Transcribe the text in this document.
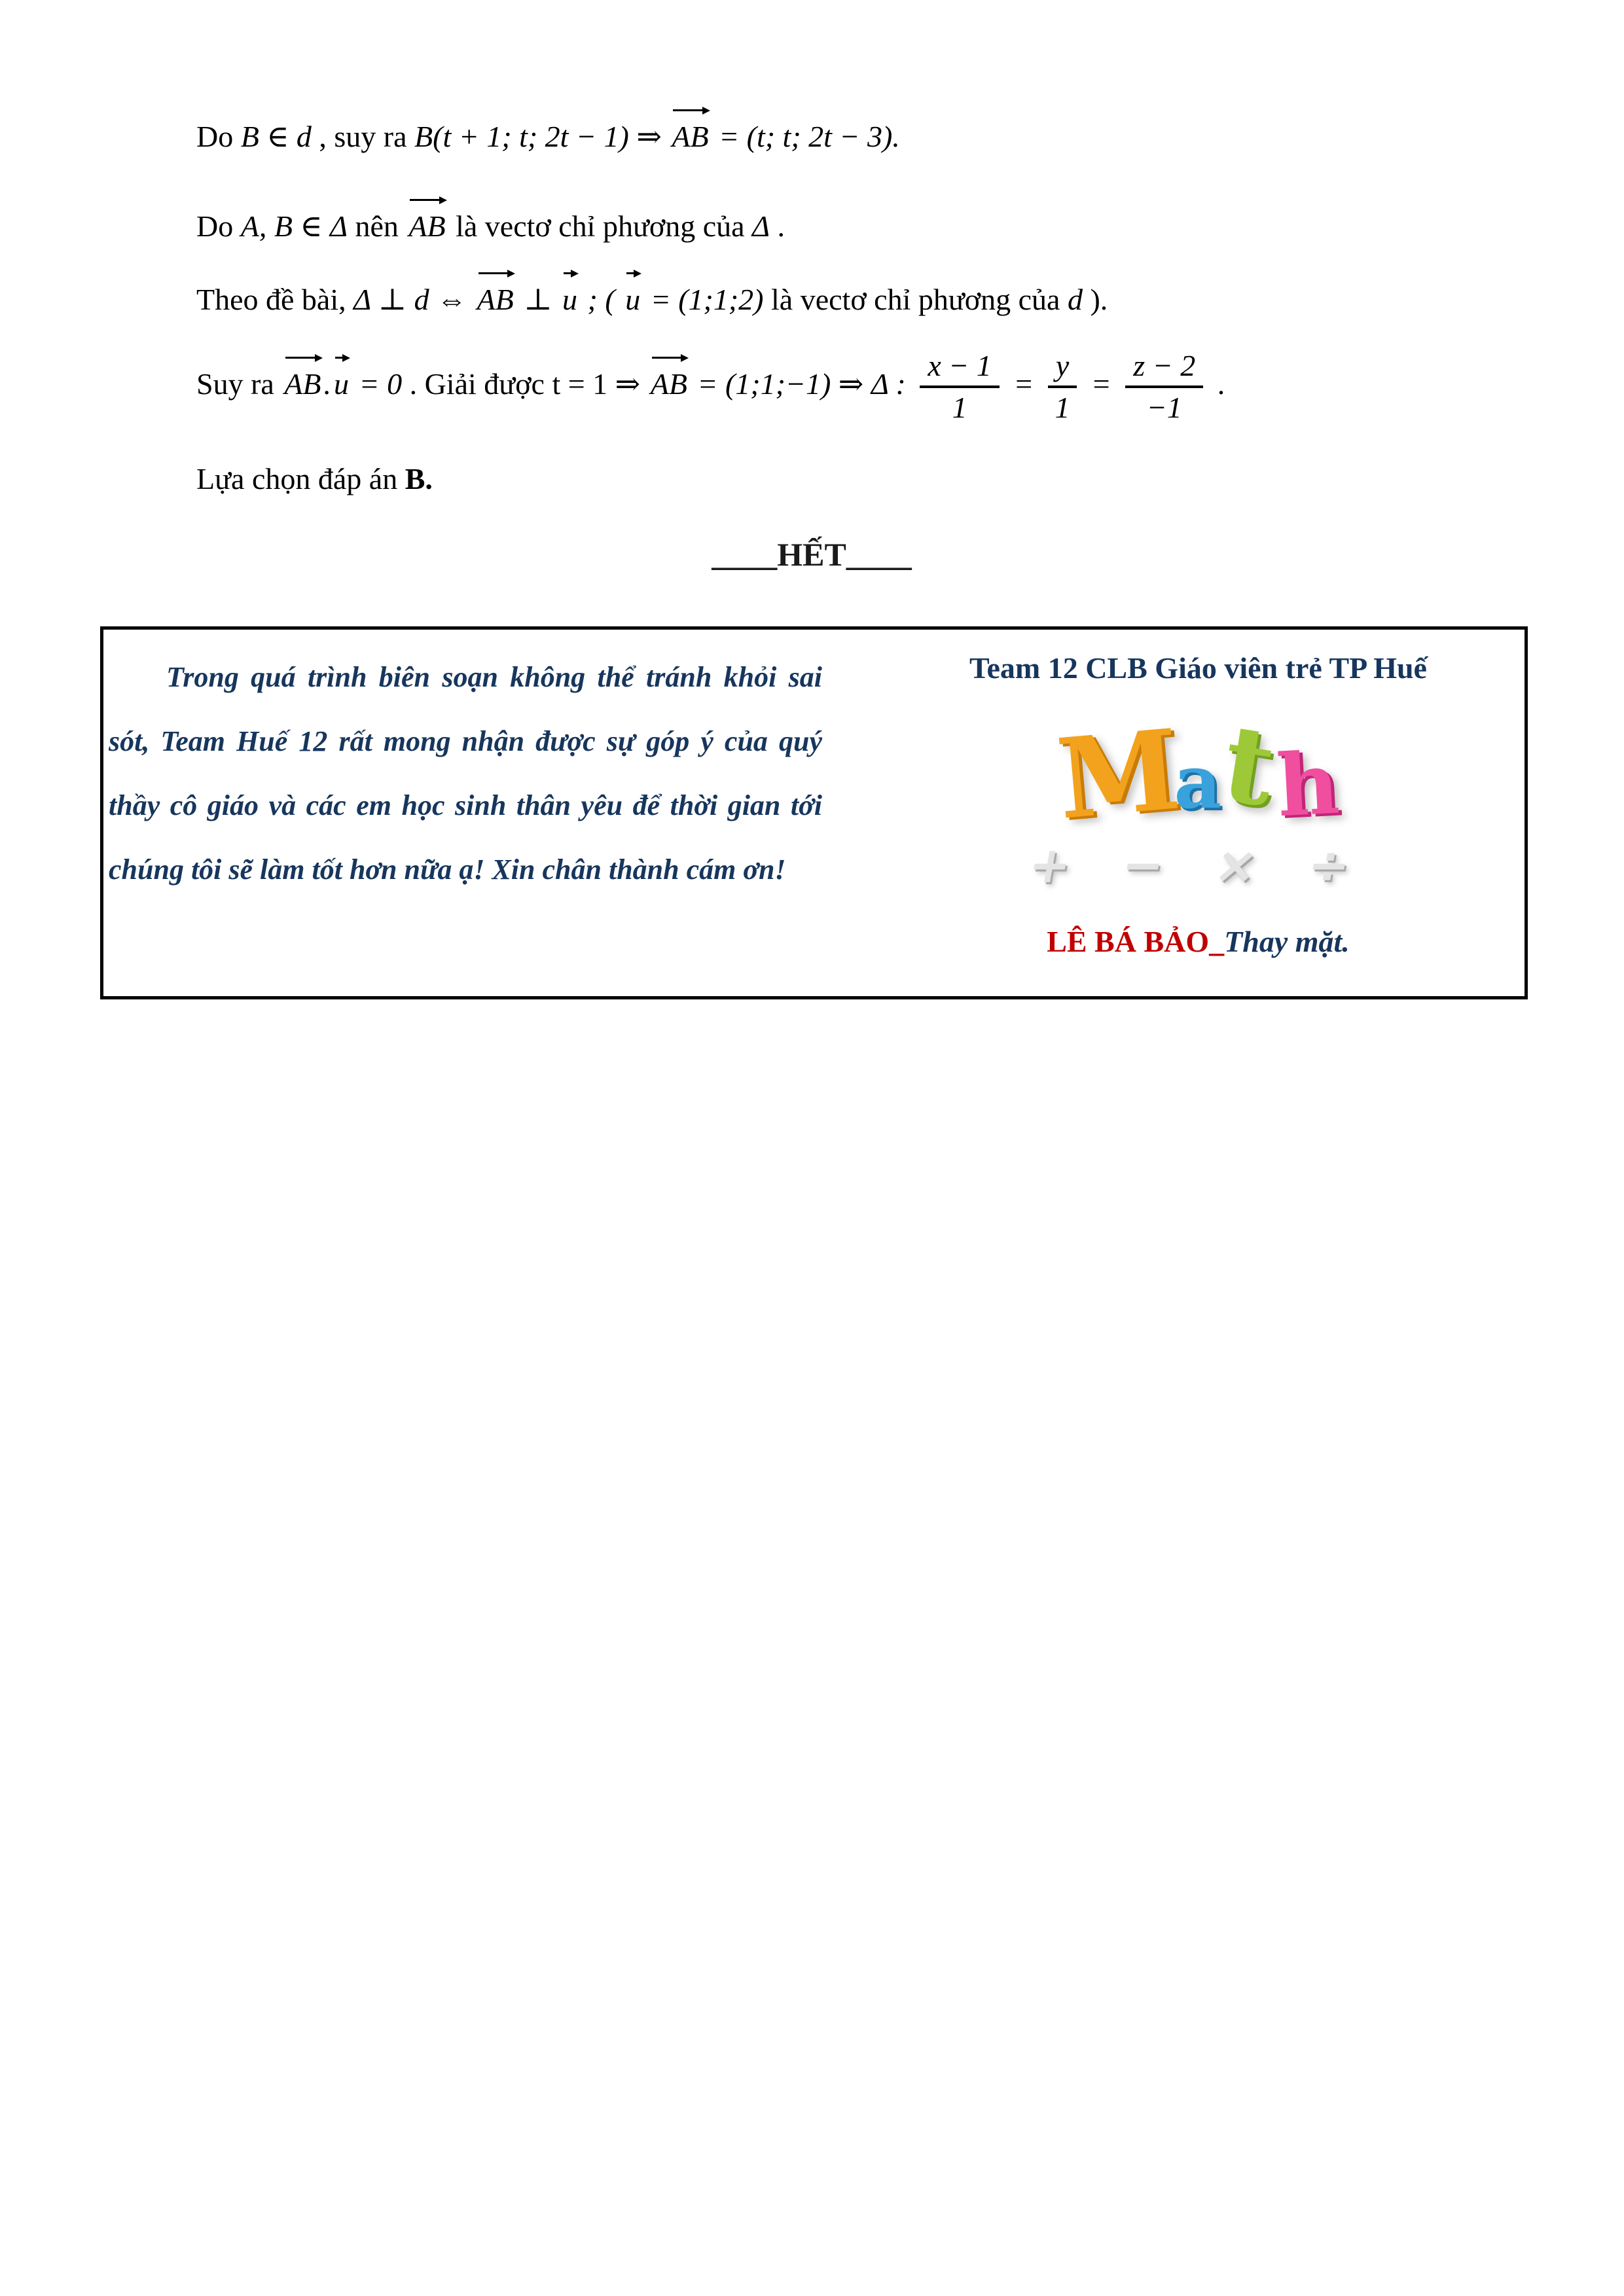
Do B ∈ d , suy ra B(t + 1; t; 2t − 1) ⇒
AB = (t; t; 2t − 3).

Do A, B ∈ Δ nên
AB là vectơ chỉ phương của Δ .

Theo đề bài, Δ ⊥ d ⇔
AB ⊥
u ; (
u = (1;1;2) là vectơ chỉ phương của d ).

Suy ra
AB.
u = 0 . Giải được t = 1 ⇒
AB = (1;1;−1) ⇒ Δ : $\frac{x - 1}{1} = \frac{y}{1} = \frac{z - 2}{-1}$ .

Lựa chọn đáp án B.

____HẾT____

Trong quá trình biên soạn không thể tránh khỏi sai sót, Team Huế 12 rất mong nhận được sự góp ý của quý thầy cô giáo và các em học sinh thân yêu để thời gian tới chúng tôi sẽ làm tốt hơn nữa ạ! Xin chân thành cám ơn!

Team 12 CLB Giáo viên trẻ TP Huế

Math
+ − × ÷

LÊ BÁ BẢO_Thay mặt.
